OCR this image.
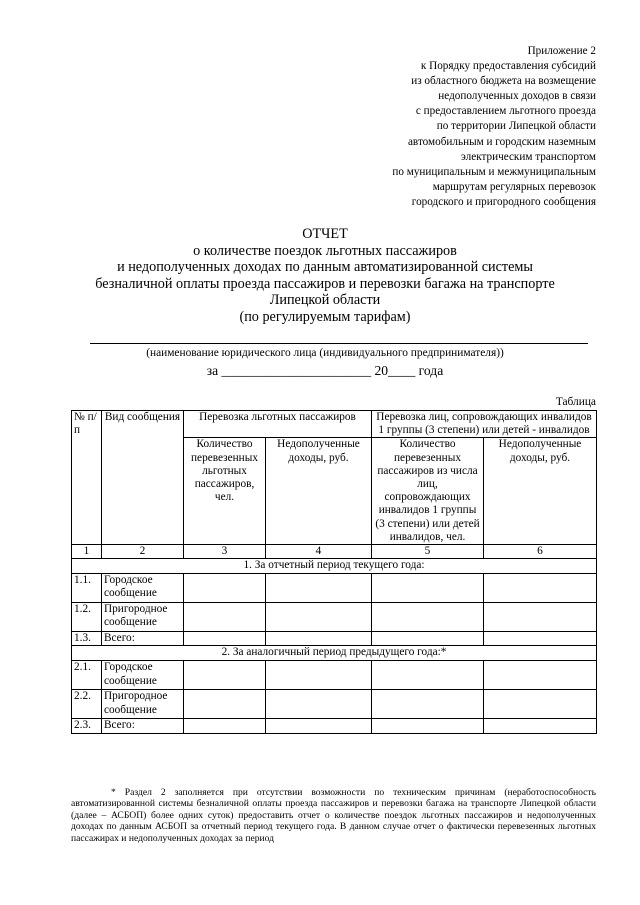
Приложение 2
к Порядку предоставления субсидий
из областного бюджета на возмещение
недополученных доходов в связи
с предоставлением льготного проезда
по территории Липецкой области
автомобильным и городским наземным
электрическим транспортом
по муниципальным и межмуниципальным
маршрутам регулярных перевозок
городского и пригородного сообщения
ОТЧЕТ
о количестве поездок льготных пассажиров
и недополученных доходах по данным автоматизированной системы
безналичной оплаты проезда пассажиров и перевозки багажа на транспорте
Липецкой области
(по регулируемым тарифам)
(наименование юридического лица (индивидуального предпринимателя))
за ______________________ 20____ года
Таблица
№ п/п	Вид сообщения	Перевозка льготных пассажиров		Перевозка лиц, сопровождающих инвалидов 1 группы (3 степени) или детей - инвалидов	
		Количество перевезенных льготных пассажиров, чел.	Недополученные доходы, руб.	Количество перевезенных пассажиров из числа лиц, сопровождающих инвалидов 1 группы (3 степени) или детей инвалидов, чел.	Недополученные доходы, руб.
1	2	3	4	5	6
1. За отчетный период текущего года:					
1.1.	Городское сообщение				
1.2.	Пригородное сообщение				
1.3.	Всего:				
2. За аналогичный период предыдущего года:*					
2.1.	Городское сообщение				
2.2.	Пригородное сообщение				
2.3.	Всего:				
* Раздел 2 заполняется при отсутствии возможности по техническим причинам (неработоспособность автоматизированной системы безналичной оплаты проезда пассажиров и перевозки багажа на транспорте Липецкой области (далее – АСБОП) более одних суток) предоставить отчет о количестве поездок льготных пассажиров и недополученных доходах по данным АСБОП за отчетный период текущего года. В данном случае отчет о фактически перевезенных льготных пассажирах и недополученных доходах за период
